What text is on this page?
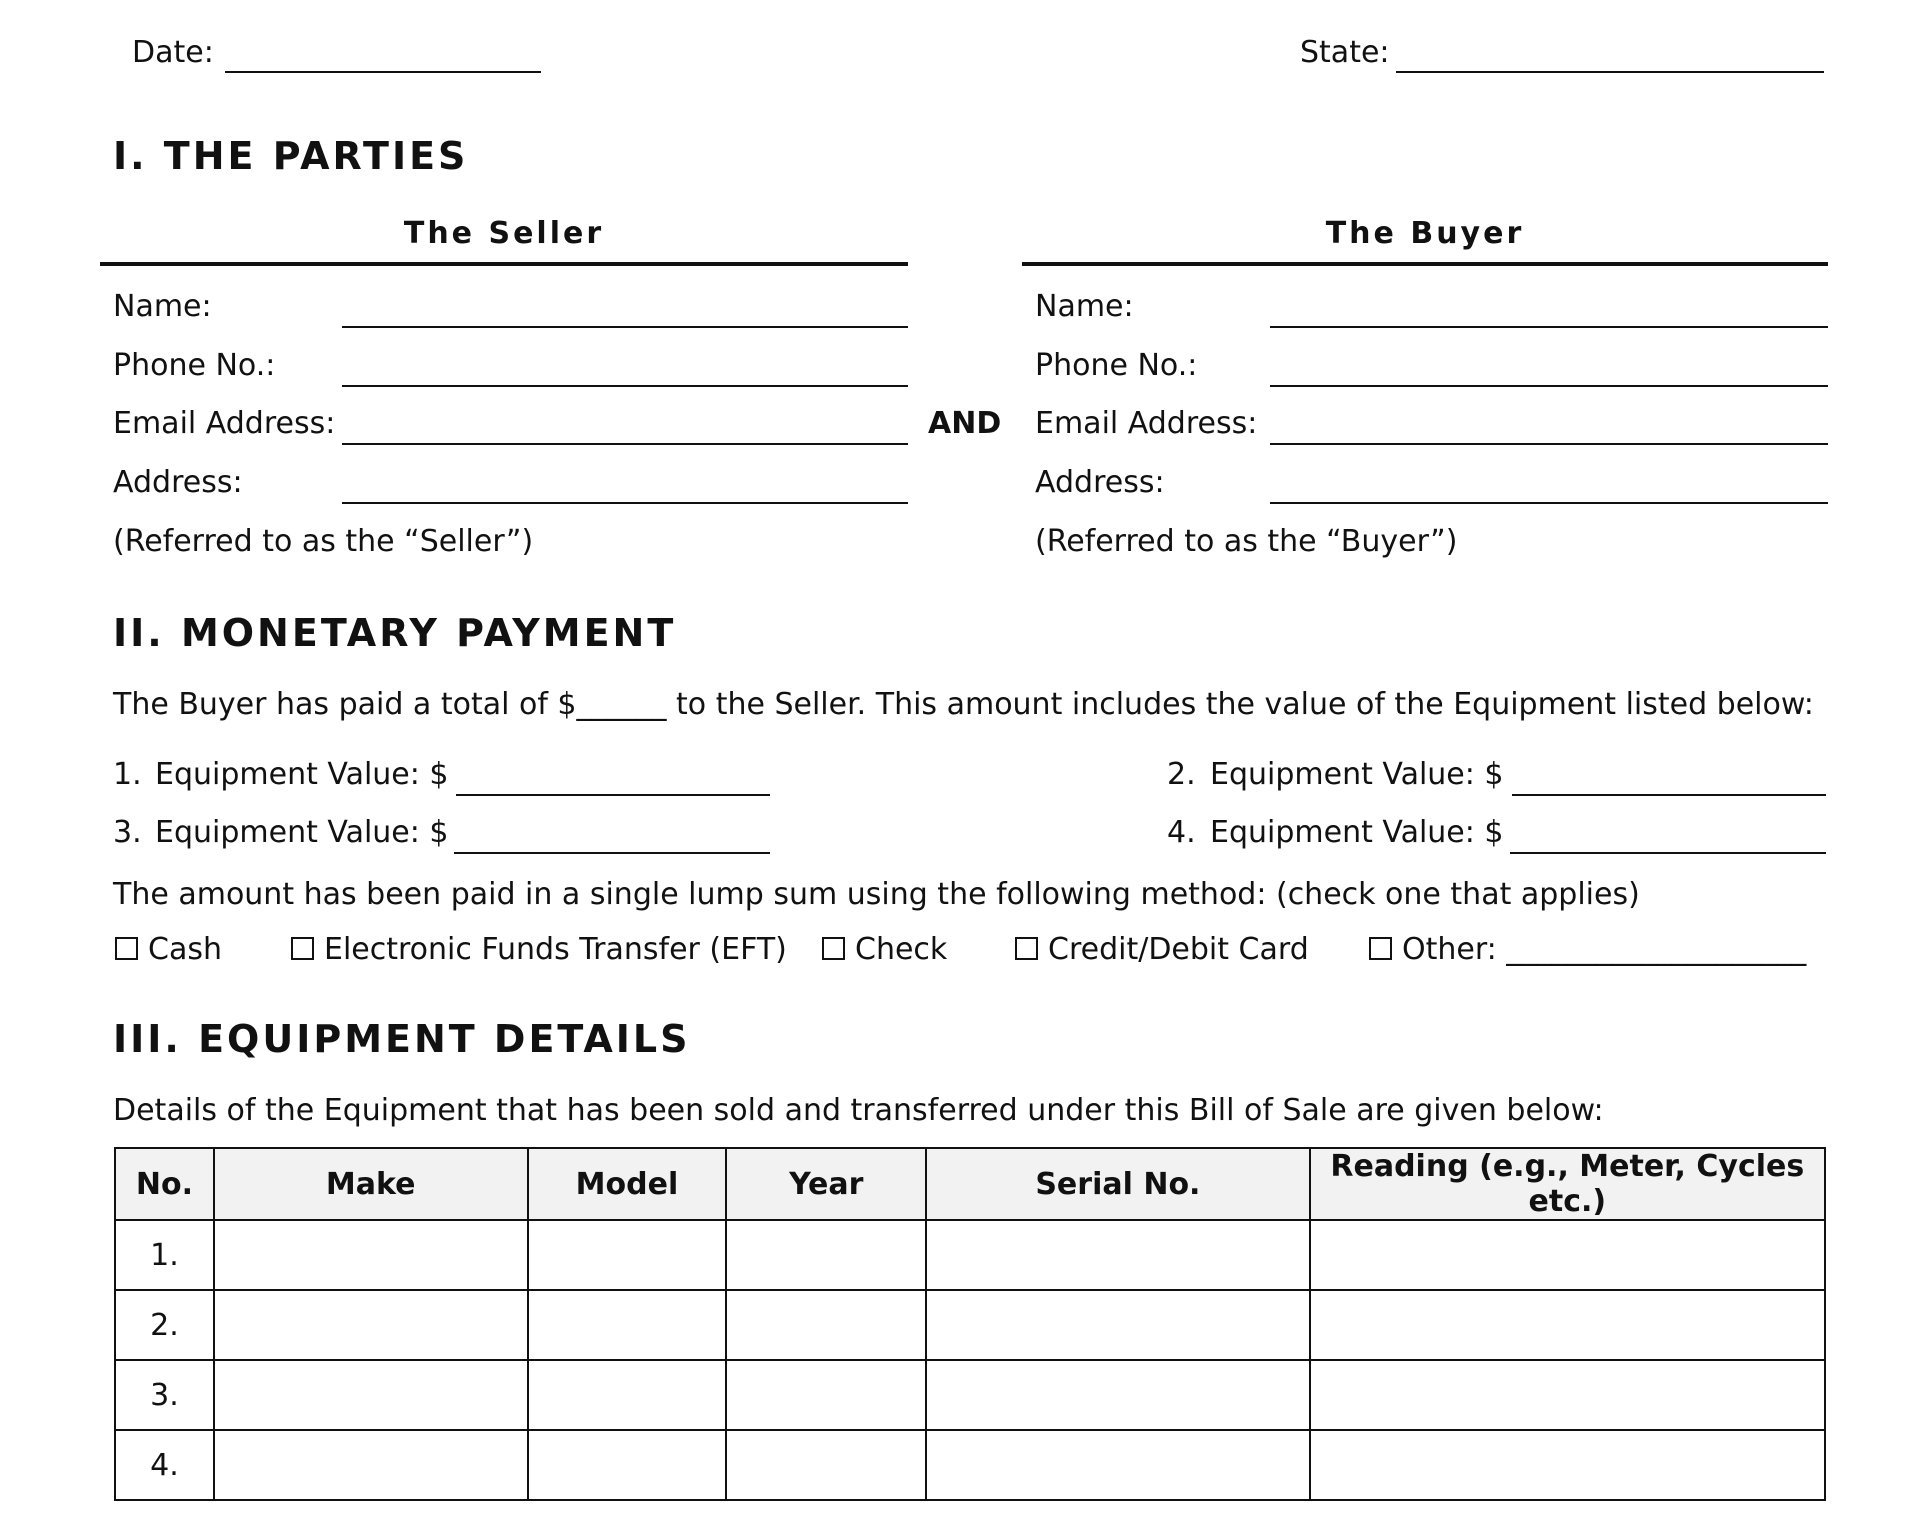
Date:	State:
I. THE PARTIES
The Seller	The Buyer
Name:
Phone No.:
Email Address:
Address:
(Referred to as the “Seller”)
AND
Name:
Phone No.:
Email Address:
Address:
(Referred to as the “Buyer”)
II. MONETARY PAYMENT
The Buyer has paid a total of $______ to the Seller. This amount includes the value of the Equipment listed below:
1. Equipment Value: $	2. Equipment Value: $
3. Equipment Value: $	4. Equipment Value: $
The amount has been paid in a single lump sum using the following method: (check one that applies)
Cash	Electronic Funds Transfer (EFT)	Check	Credit/Debit Card	Other: ____________________
III. EQUIPMENT DETAILS
Details of the Equipment that has been sold and transferred under this Bill of Sale are given below:
No.	Make	Model	Year	Serial No.	Reading (e.g., Meter, Cycles etc.)
1.					
2.					
3.					
4.					
